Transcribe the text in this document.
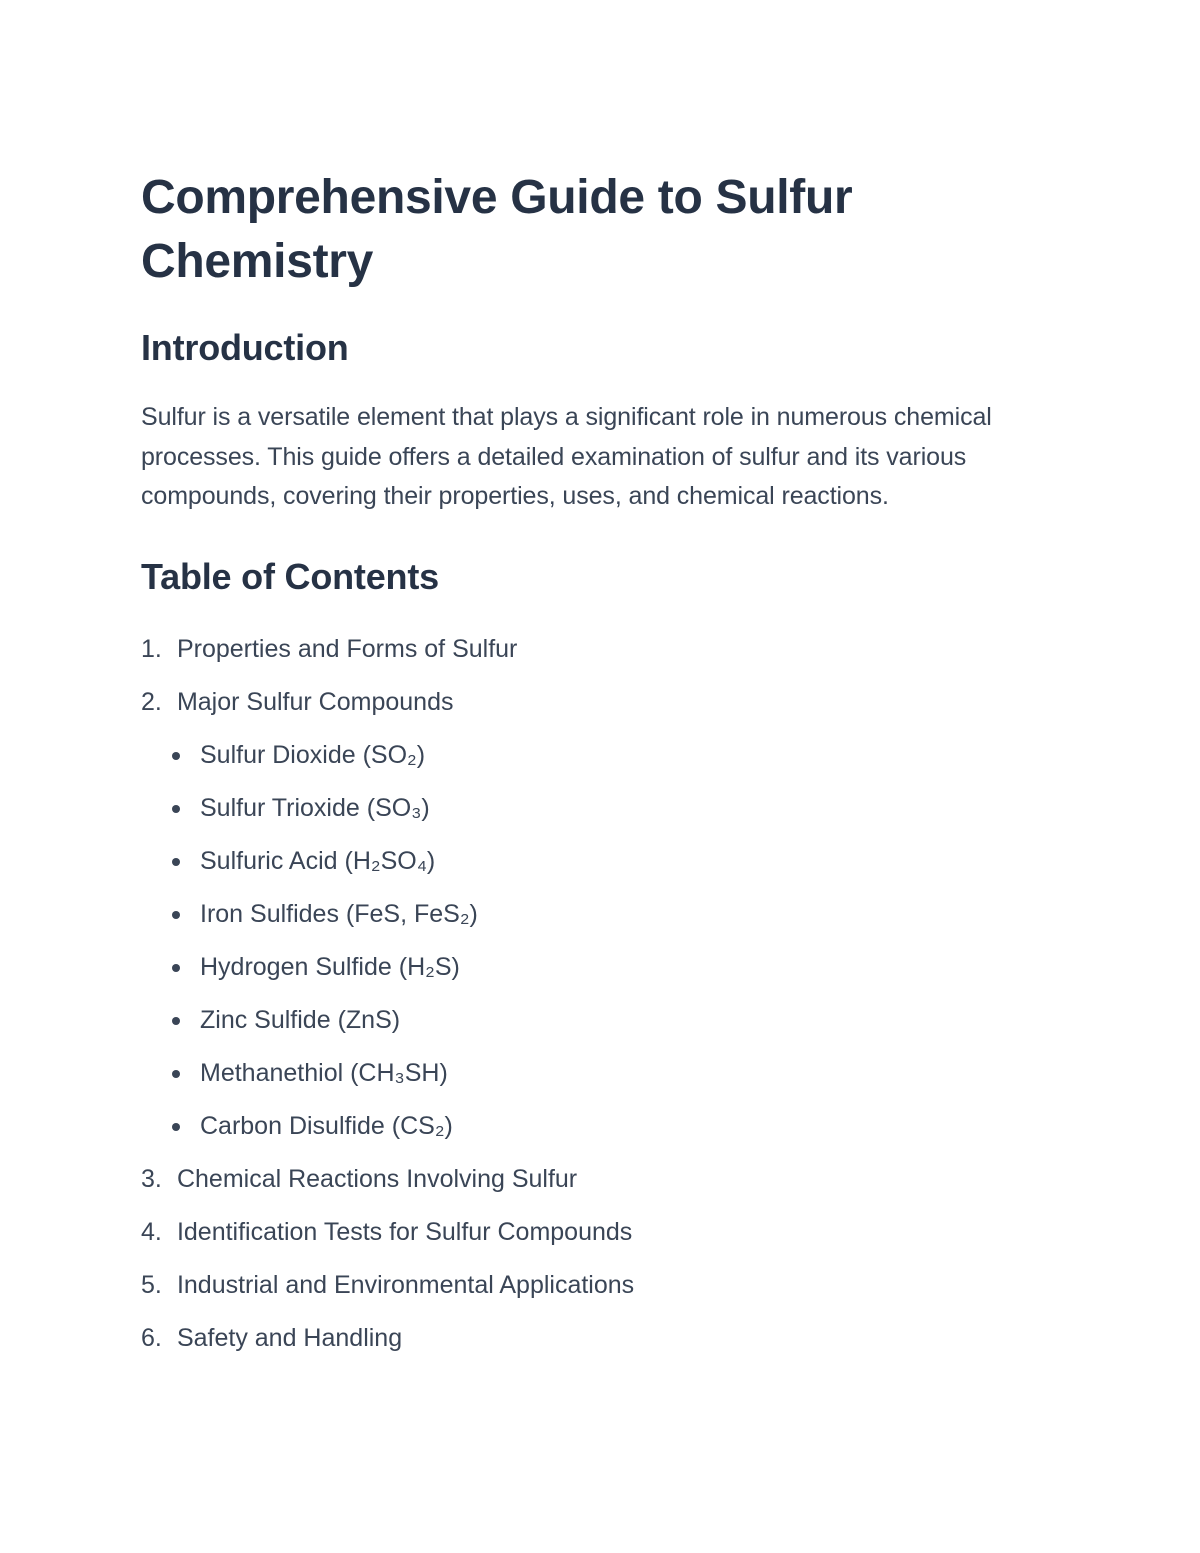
Comprehensive Guide to Sulfur Chemistry
Introduction

Sulfur is a versatile element that plays a significant role in numerous chemical processes. This guide offers a detailed examination of sulfur and its various compounds, covering their properties, uses, and chemical reactions.

Table of Contents
1. Properties and Forms of Sulfur
2. Major Sulfur Compounds
Sulfur Dioxide (SO₂)
Sulfur Trioxide (SO₃)
Sulfuric Acid (H₂SO₄)
Iron Sulfides (FeS, FeS₂)
Hydrogen Sulfide (H₂S)
Zinc Sulfide (ZnS)
Methanethiol (CH₃SH)
Carbon Disulfide (CS₂)
3. Chemical Reactions Involving Sulfur
4. Identification Tests for Sulfur Compounds
5. Industrial and Environmental Applications
6. Safety and Handling
